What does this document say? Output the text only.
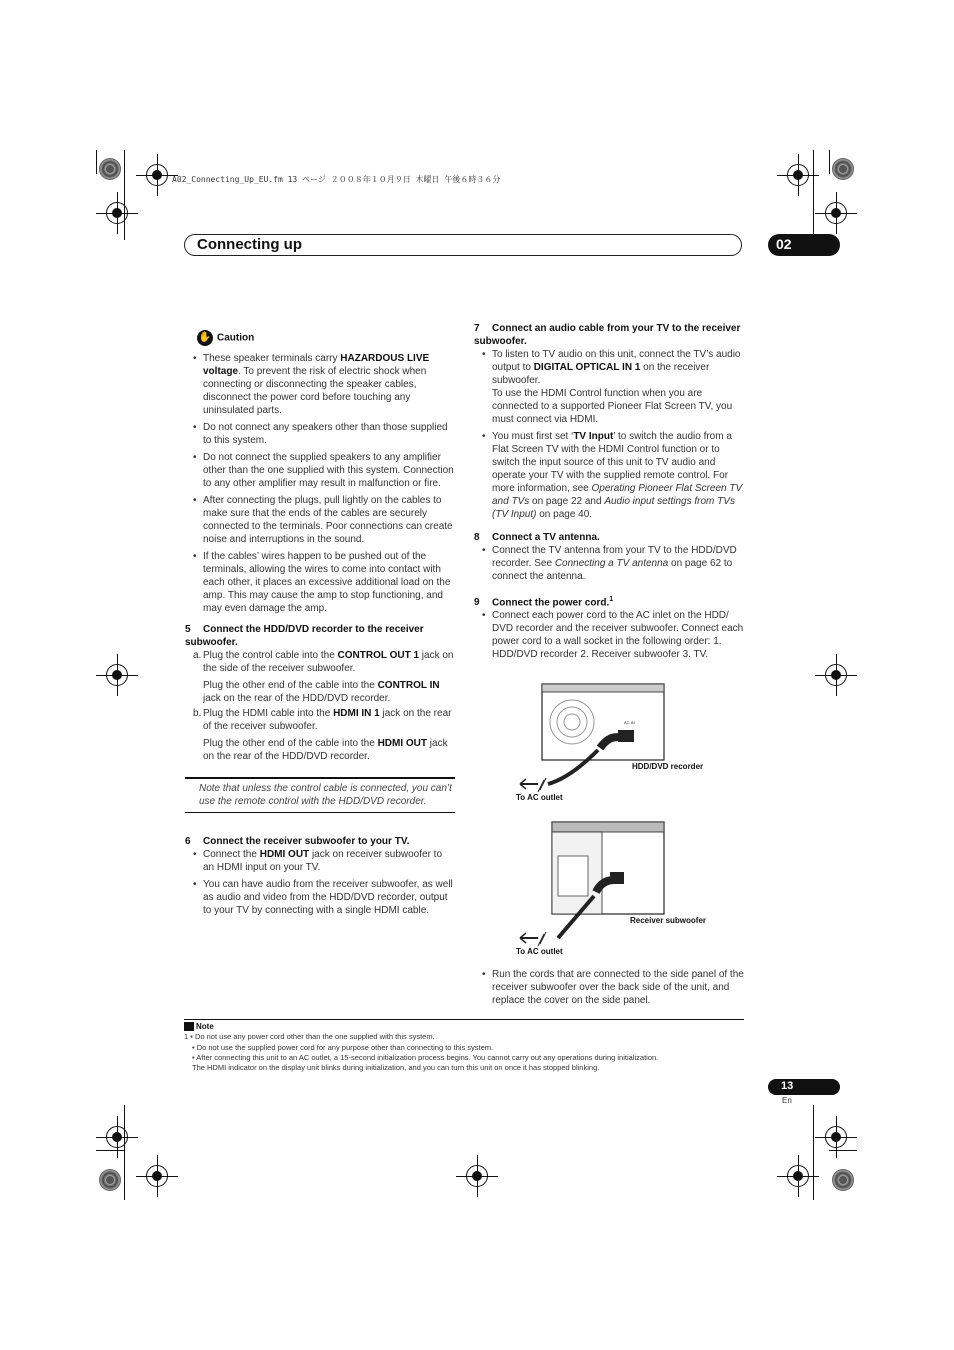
A02_Connecting_Up_EU.fm 13 ページ ２００８年１０月９日 木曜日 午後６時３６分
Connecting up	02

✋ Caution

• These speaker terminals carry HAZARDOUS LIVE voltage. To prevent the risk of electric shock when connecting or disconnecting the speaker cables, disconnect the power cord before touching any uninsulated parts.

• Do not connect any speakers other than those supplied to this system.

• Do not connect the supplied speakers to any amplifier other than the one supplied with this system. Connection to any other amplifier may result in malfunction or fire.

• After connecting the plugs, pull lightly on the cables to make sure that the ends of the cables are securely connected to the terminals. Poor connections can create noise and interruptions in the sound.

• If the cables’ wires happen to be pushed out of the terminals, allowing the wires to come into contact with each other, it places an excessive additional load on the amp. This may cause the amp to stop functioning, and may even damage the amp.

5 Connect the HDD/DVD recorder to the receiver subwoofer.

a. Plug the control cable into the CONTROL OUT 1 jack on the side of the receiver subwoofer.

Plug the other end of the cable into the CONTROL IN jack on the rear of the HDD/DVD recorder.

b. Plug the HDMI cable into the HDMI IN 1 jack on the rear of the receiver subwoofer.

Plug the other end of the cable into the HDMI OUT jack on the rear of the HDD/DVD recorder.

Note that unless the control cable is connected, you can’t use the remote control with the HDD/DVD recorder.

6 Connect the receiver subwoofer to your TV.

• Connect the HDMI OUT jack on receiver subwoofer to an HDMI input on your TV.

• You can have audio from the receiver subwoofer, as well as audio and video from the HDD/DVD recorder, output to your TV by connecting with a single HDMI cable.

7 Connect an audio cable from your TV to the receiver subwoofer.

• To listen to TV audio on this unit, connect the TV’s audio output to DIGITAL OPTICAL IN 1 on the receiver subwoofer.

To use the HDMI Control function when you are connected to a supported Pioneer Flat Screen TV, you must connect via HDMI.

• You must first set ‘TV Input’ to switch the audio from a Flat Screen TV with the HDMI Control function or to switch the input source of this unit to TV audio and operate your TV with the supplied remote control. For more information, see Operating Pioneer Flat Screen TV and TVs on page 22 and Audio input settings from TVs (TV Input) on page 40.

8 Connect a TV antenna.

• Connect the TV antenna from your TV to the HDD/DVD recorder. See Connecting a TV antenna on page 62 to connect the antenna.

9 Connect the power cord.$^1$

• Connect each power cord to the AC inlet on the HDD/ DVD recorder and the receiver subwoofer. Connect each power cord to a wall socket in the following order: 1. HDD/DVD recorder 2. Receiver subwoofer 3. TV.

AC IN
HDD/DVD recorder
To AC outlet
Receiver subwoofer
To AC outlet

• Run the cords that are connected to the side panel of the receiver subwoofer over the back side of the unit, and replace the cover on the side panel.

Note

1 • Do not use any power cord other than the one supplied with this system.

• Do not use the supplied power cord for any purpose other than connecting to this system.

• After connecting this unit to an AC outlet, a 15-second initialization process begins. You cannot carry out any operations during initialization.

The HDMI indicator on the display unit blinks during initialization, and you can turn this unit on once it has stopped blinking.

13
En
